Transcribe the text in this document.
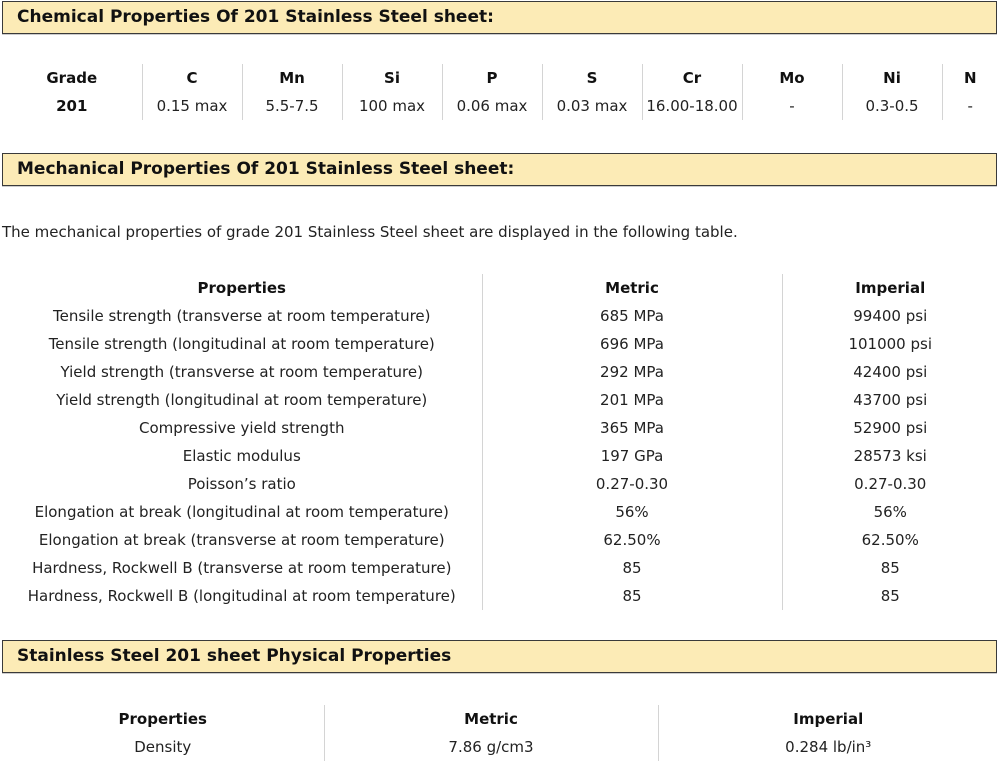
Chemical Properties Of 201 Stainless Steel sheet:
Grade	C	Mn	Si	P	S	Cr	Mo	Ni	N
201	0.15 max	5.5-7.5	100 max	0.06 max	0.03 max	16.00-18.00	-	0.3-0.5	-
Mechanical Properties Of 201 Stainless Steel sheet:

The mechanical properties of grade 201 Stainless Steel sheet are displayed in the following table.

Properties	Metric	Imperial
Tensile strength (transverse at room temperature)	685 MPa	99400 psi
Tensile strength (longitudinal at room temperature)	696 MPa	101000 psi
Yield strength (transverse at room temperature)	292 MPa	42400 psi
Yield strength (longitudinal at room temperature)	201 MPa	43700 psi
Compressive yield strength	365 MPa	52900 psi
Elastic modulus	197 GPa	28573 ksi
Poisson’s ratio	0.27-0.30	0.27-0.30
Elongation at break (longitudinal at room temperature)	56%	56%
Elongation at break (transverse at room temperature)	62.50%	62.50%
Hardness, Rockwell B (transverse at room temperature)	85	85
Hardness, Rockwell B (longitudinal at room temperature)	85	85
Stainless Steel 201 sheet Physical Properties
Properties	Metric	Imperial
Density	7.86 g/cm3	0.284 lb/in³
